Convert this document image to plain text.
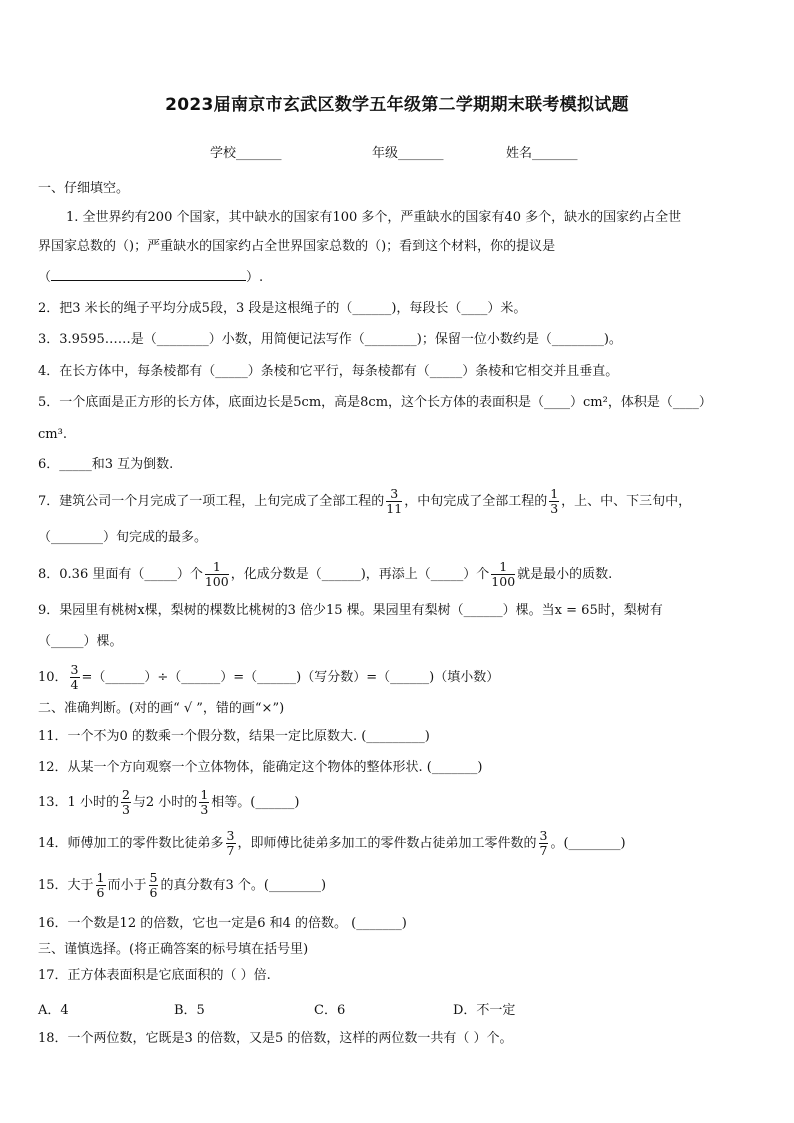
2023届南京市玄武区数学五年级第二学期期末联考模拟试题
学校_______	年级_______	姓名_______
一、仔细填空。
1. 全世界约有200 个国家，其中缺水的国家有100 多个，严重缺水的国家有40 多个，缺水的国家约占全世
界国家总数的（)；严重缺水的国家约占全世界国家总数的（)；看到这个材料，你的提议是
（	）.
2．把3 米长的绳子平均分成5段，3 段是这根绳子的（______)，每段长（____）米。
3．3.9595……是（________）小数，用简便记法写作（________)；保留一位小数约是（________)。
4．在长方体中，每条棱都有（_____）条棱和它平行，每条棱都有（_____）条棱和它相交并且垂直。
5．一个底面是正方形的长方体，底面边长是5cm，高是8cm，这个长方体的表面积是（____）cm²，体积是（____）
cm³.
6．_____和3 互为倒数.
7．建筑公司一个月完成了一项工程，上旬完成了全部工程的 $\frac{3}{11}$ ，中旬完成了全部工程的 $\frac{1}{3}$ ，上、中、下三旬中，
（________）旬完成的最多。
8．0.36 里面有（_____）个 $\frac{1}{100}$ ，化成分数是（______)，再添上（_____）个 $\frac{1}{100}$ 就是最小的质数.
9．果园里有桃树x棵，梨树的棵数比桃树的3 倍少15 棵。果园里有梨树（______）棵。当x = 65时，梨树有
（_____）棵。
10． $\frac{3}{4}$ =（______）÷（______）=（______)（写分数）=（______)（填小数）
二、准确判断。(对的画“ √ ”，错的画“×”)
11．一个不为0 的数乘一个假分数，结果一定比原数大. (_________)
12．从某一个方向观察一个立体物体，能确定这个物体的整体形状. (_______)
13．1 小时的 $\frac{2}{3}$ 与2 小时的 $\frac{1}{3}$ 相等。(______)
14．师傅加工的零件数比徒弟多 $\frac{3}{7}$ ，即师傅比徒弟多加工的零件数占徒弟加工零件数的 $\frac{3}{7}$ 。(________)
15．大于 $\frac{1}{6}$ 而小于 $\frac{5}{6}$ 的真分数有3 个。(________)
16．一个数是12 的倍数，它也一定是6 和4 的倍数。 (_______)
三、谨慎选择。(将正确答案的标号填在括号里)
17．正方体表面积是它底面积的（ ）倍.
A．4	B．5	C．6	D．不一定
18．一个两位数，它既是3 的倍数，又是5 的倍数，这样的两位数一共有（ ）个。
